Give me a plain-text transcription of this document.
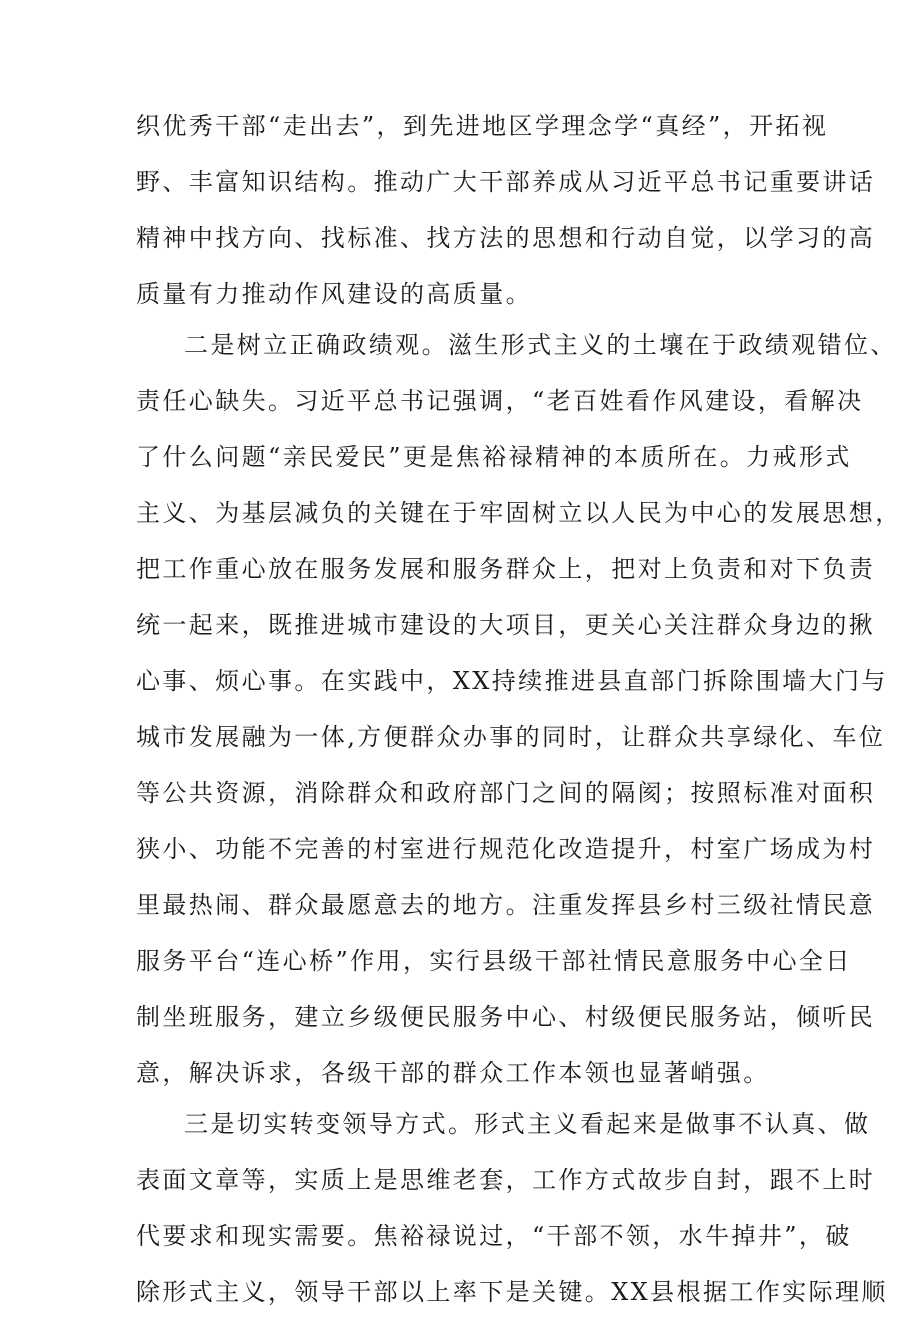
织优秀干部“走出去”，到先进地区学理念学“真经”，开拓视

野、丰富知识结构。推动广大干部养成从习近平总书记重要讲话

精神中找方向、找标准、找方法的思想和行动自觉，以学习的高

质量有力推动作风建设的高质量。

二是树立正确政绩观。滋生形式主义的土壤在于政绩观错位、

责任心缺失。习近平总书记强调，“老百姓看作风建设，看解决

了什么问题“亲民爱民”更是焦裕禄精神的本质所在。力戒形式

主义、为基层减负的关键在于牢固树立以人民为中心的发展思想，

把工作重心放在服务发展和服务群众上，把对上负责和对下负责

统一起来，既推进城市建设的大项目，更关心关注群众身边的揪

心事、烦心事。在实践中，XX持续推进县直部门拆除围墙大门与

城市发展融为一体,方便群众办事的同时，让群众共享绿化、车位

等公共资源，消除群众和政府部门之间的隔阂；按照标准对面积

狭小、功能不完善的村室进行规范化改造提升，村室广场成为村

里最热闹、群众最愿意去的地方。注重发挥县乡村三级社情民意

服务平台“连心桥”作用，实行县级干部社情民意服务中心全日

制坐班服务，建立乡级便民服务中心、村级便民服务站，倾听民

意，解决诉求，各级干部的群众工作本领也显著峭强。

三是切实转变领导方式。形式主义看起来是做事不认真、做

表面文章等，实质上是思维老套，工作方式故步自封，跟不上时

代要求和现实需要。焦裕禄说过，“干部不领，水牛掉井”，破

除形式主义，领导干部以上率下是关键。XX县根据工作实际理顺
